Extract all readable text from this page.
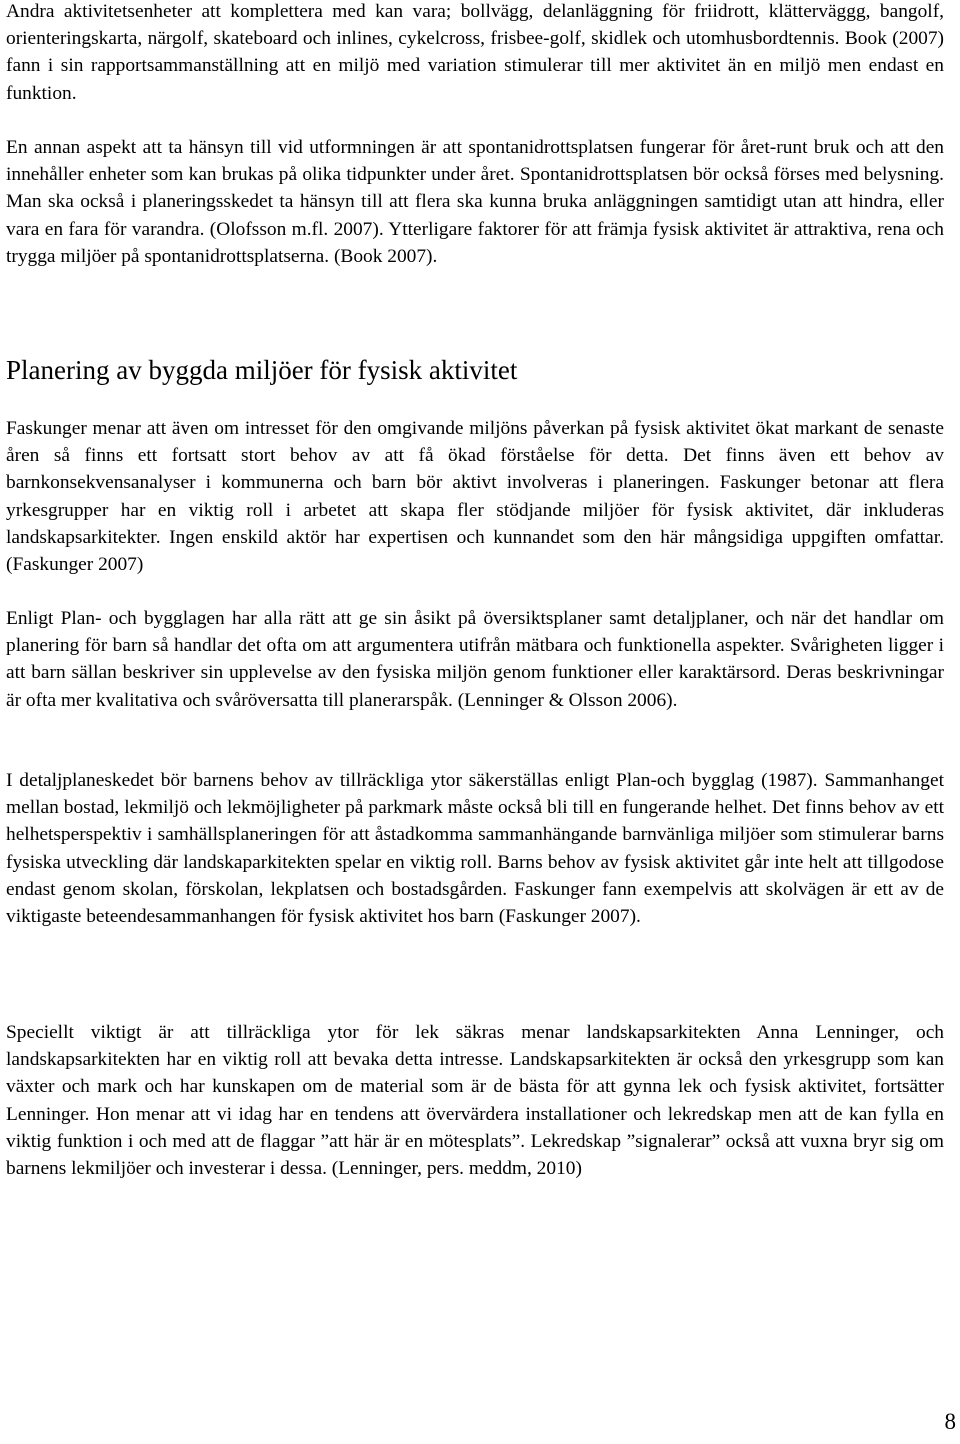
Andra aktivitetsenheter att komplettera med kan vara; bollvägg, delanläggning för friidrott, klätterväggg, bangolf, orienteringskarta, närgolf, skateboard och inlines, cykelcross, frisbee-golf, skidlek och utomhusbordtennis. Book (2007) fann i sin rapportsammanställning att en miljö med variation stimulerar till mer aktivitet än en miljö men endast en funktion.

En annan aspekt att ta hänsyn till vid utformningen är att spontanidrottsplatsen fungerar för året-runt bruk och att den innehåller enheter som kan brukas på olika tidpunkter under året. Spontanidrottsplatsen bör också förses med belysning. Man ska också i planeringsskedet ta hänsyn till att flera ska kunna bruka anläggningen samtidigt utan att hindra, eller vara en fara för varandra. (Olofsson m.fl. 2007). Ytterligare faktorer för att främja fysisk aktivitet är attraktiva, rena och trygga miljöer på spontanidrottsplatserna. (Book 2007).

Planering av byggda miljöer för fysisk aktivitet

Faskunger menar att även om intresset för den omgivande miljöns påverkan på fysisk aktivitet ökat markant de senaste åren så finns ett fortsatt stort behov av att få ökad förståelse för detta. Det finns även ett behov av barnkonsekvensanalyser i kommunerna och barn bör aktivt involveras i planeringen. Faskunger betonar att flera yrkesgrupper har en viktig roll i arbetet att skapa fler stödjande miljöer för fysisk aktivitet, där inkluderas landskapsarkitekter. Ingen enskild aktör har expertisen och kunnandet som den här mångsidiga uppgiften omfattar. (Faskunger 2007)

Enligt Plan- och bygglagen har alla rätt att ge sin åsikt på översiktsplaner samt detaljplaner, och när det handlar om planering för barn så handlar det ofta om att argumentera utifrån mätbara och funktionella aspekter. Svårigheten ligger i att barn sällan beskriver sin upplevelse av den fysiska miljön genom funktioner eller karaktärsord. Deras beskrivningar är ofta mer kvalitativa och svåröversatta till planerarspåk. (Lenninger & Olsson 2006).

I detaljplaneskedet bör barnens behov av tillräckliga ytor säkerställas enligt Plan-och bygglag (1987). Sammanhanget mellan bostad, lekmiljö och lekmöjligheter på parkmark måste också bli till en fungerande helhet. Det finns behov av ett helhetsperspektiv i samhällsplaneringen för att åstadkomma sammanhängande barnvänliga miljöer som stimulerar barns fysiska utveckling där landskaparkitekten spelar en viktig roll. Barns behov av fysisk aktivitet går inte helt att tillgodose endast genom skolan, förskolan, lekplatsen och bostadsgården. Faskunger fann exempelvis att skolvägen är ett av de viktigaste beteendesammanhangen för fysisk aktivitet hos barn (Faskunger 2007).

Speciellt viktigt är att tillräckliga ytor för lek säkras menar landskapsarkitekten Anna Lenninger, och landskapsarkitekten har en viktig roll att bevaka detta intresse. Landskapsarkitekten är också den yrkesgrupp som kan växter och mark och har kunskapen om de material som är de bästa för att gynna lek och fysisk aktivitet, fortsätter Lenninger. Hon menar att vi idag har en tendens att övervärdera installationer och lekredskap men att de kan fylla en viktig funktion i och med att de flaggar ”att här är en mötesplats”. Lekredskap ”signalerar” också att vuxna bryr sig om barnens lekmiljöer och investerar i dessa. (Lenninger, pers. meddm, 2010)

8
